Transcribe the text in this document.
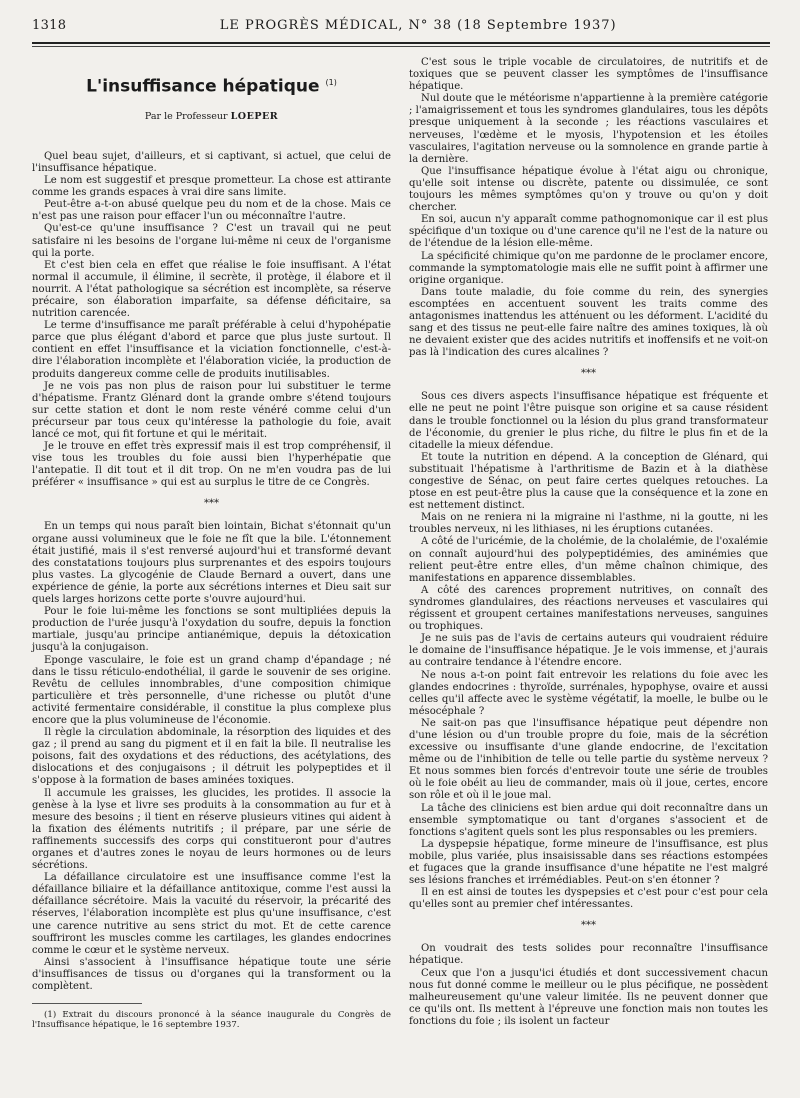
1318	LE PROGRÈS MÉDICAL, N° 38 (18 Septembre 1937)
L'insuffisance hépatique $^{(1)}$
Par le Professeur LOEPER

Quel beau sujet, d'ailleurs, et si captivant, si actuel, que celui de l'insuffisance hépatique.

Le nom est suggestif et presque prometteur. La chose est attirante comme les grands espaces à vrai dire sans limite.

Peut-être a-t-on abusé quelque peu du nom et de la chose. Mais ce n'est pas une raison pour effacer l'un ou méconnaître l'autre.

Qu'est-ce qu'une insuffisance ? C'est un travail qui ne peut satisfaire ni les besoins de l'organe lui-même ni ceux de l'organisme qui la porte.

Et c'est bien cela en effet que réalise le foie insuffisant. A l'état normal il accumule, il élimine, il secrète, il protège, il élabore et il nourrit. A l'état pathologique sa sécrétion est incomplète, sa réserve précaire, son élaboration imparfaite, sa défense déficitaire, sa nutrition carencée.

Le terme d'insuffisance me paraît préférable à celui d'hypohépatie parce que plus élégant d'abord et parce que plus juste surtout. Il contient en effet l'insuffisance et la viciation fonctionnelle, c'est-à-dire l'élaboration incomplète et l'élaboration viciée, la production de produits dangereux comme celle de produits inutilisables.

Je ne vois pas non plus de raison pour lui substituer le terme d'hépatisme. Frantz Glénard dont la grande ombre s'étend toujours sur cette station et dont le nom reste vénéré comme celui d'un précurseur par tous ceux qu'intéresse la pathologie du foie, avait lancé ce mot, qui fit fortune et qui le méritait.

Je le trouve en effet très expressif mais il est trop compréhensif, il vise tous les troubles du foie aussi bien l'hyperhépatie que l'antepatie. Il dit tout et il dit trop. On ne m'en voudra pas de lui préférer « insuffisance » qui est au surplus le titre de ce Congrès.

***

En un temps qui nous paraît bien lointain, Bichat s'étonnait qu'un organe aussi volumineux que le foie ne fît que la bile. L'étonnement était justifié, mais il s'est renversé aujourd'hui et transformé devant des constatations toujours plus surprenantes et des espoirs toujours plus vastes. La glycogénie de Claude Bernard a ouvert, dans une expérience de génie, la porte aux sécrétions internes et Dieu sait sur quels larges horizons cette porte s'ouvre aujourd'hui.

Pour le foie lui-même les fonctions se sont multipliées depuis la production de l'urée jusqu'à l'oxydation du soufre, depuis la fonction martiale, jusqu'au principe antianémique, depuis la détoxication jusqu'à la conjugaison.

Eponge vasculaire, le foie est un grand champ d'épandage ; né dans le tissu réticulo-endothélial, il garde le souvenir de ses origine. Revêtu de cellules innombrables, d'une composition chimique particulière et très personnelle, d'une richesse ou plutôt d'une activité fermentaire considérable, il constitue la plus complexe plus encore que la plus volumineuse de l'économie.

Il règle la circulation abdominale, la résorption des liquides et des gaz ; il prend au sang du pigment et il en fait la bile. Il neutralise les poisons, fait des oxydations et des réductions, des acétylations, des dislocations et des conjugaisons ; il détruit les polypeptides et il s'oppose à la formation de bases aminées toxiques.

Il accumule les graisses, les glucides, les protides. Il associe la genèse à la lyse et livre ses produits à la consommation au fur et à mesure des besoins ; il tient en réserve plusieurs vitines qui aident à la fixation des éléments nutritifs ; il prépare, par une série de raffinements successifs des corps qui constitueront pour d'autres organes et d'autres zones le noyau de leurs hormones ou de leurs sécrétions.

La défaillance circulatoire est une insuffisance comme l'est la défaillance biliaire et la défaillance antitoxique, comme l'est aussi la défaillance sécrétoire. Mais la vacuité du réservoir, la précarité des réserves, l'élaboration incomplète est plus qu'une insuffisance, c'est une carence nutritive au sens strict du mot. Et de cette carence souffriront les muscles comme les cartilages, les glandes endocrines comme le cœur et le système nerveux.

Ainsi s'associent à l'insuffisance hépatique toute une série d'insuffisances de tissus ou d'organes qui la transforment ou la complètent.

(1) Extrait du discours prononcé à la séance inaugurale du Congrès de l'Insuffisance hépatique, le 16 septembre 1937.

C'est sous le triple vocable de circulatoires, de nutritifs et de toxiques que se peuvent classer les symptômes de l'insuffisance hépatique.

Nul doute que le météorisme n'appartienne à la première catégorie ; l'amaigrissement et tous les syndromes glandulaires, tous les dépôts presque uniquement à la seconde ; les réactions vasculaires et nerveuses, l'œdème et le myosis, l'hypotension et les étoiles vasculaires, l'agitation nerveuse ou la somnolence en grande partie à la dernière.

Que l'insuffisance hépatique évolue à l'état aigu ou chronique, qu'elle soit intense ou discrète, patente ou dissimulée, ce sont toujours les mêmes symptômes qu'on y trouve ou qu'on y doit chercher.

En soi, aucun n'y apparaît comme pathognomonique car il est plus spécifique d'un toxique ou d'une carence qu'il ne l'est de la nature ou de l'étendue de la lésion elle-même.

La spécificité chimique qu'on me pardonne de le proclamer encore, commande la symptomatologie mais elle ne suffit point à affirmer une origine organique.

Dans toute maladie, du foie comme du rein, des synergies escomptées en accentuent souvent les traits comme des antagonismes inattendus les atténuent ou les déforment. L'acidité du sang et des tissus ne peut-elle faire naître des amines toxiques, là où ne devaient exister que des acides nutritifs et inoffensifs et ne voit-on pas là l'indication des cures alcalines ?

***

Sous ces divers aspects l'insuffisance hépatique est fréquente et elle ne peut ne point l'être puisque son origine et sa cause résident dans le trouble fonctionnel ou la lésion du plus grand transformateur de l'économie, du grenier le plus riche, du filtre le plus fin et de la citadelle la mieux défendue.

Et toute la nutrition en dépend. A la conception de Glénard, qui substituait l'hépatisme à l'arthritisme de Bazin et à la diathèse congestive de Sénac, on peut faire certes quelques retouches. La ptose en est peut-être plus la cause que la conséquence et la zone en est nettement distinct.

Mais on ne reniera ni la migraine ni l'asthme, ni la goutte, ni les troubles nerveux, ni les lithiases, ni les éruptions cutanées.

A côté de l'uricémie, de la cholémie, de la cholalémie, de l'oxalémie on connaît aujourd'hui des polypeptidémies, des aminémies que relient peut-être entre elles, d'un même chaînon chimique, des manifestations en apparence dissemblables.

A côté des carences proprement nutritives, on connaît des syndromes glandulaires, des réactions nerveuses et vasculaires qui régissent et groupent certaines manifestations nerveuses, sanguines ou trophiques.

Je ne suis pas de l'avis de certains auteurs qui voudraient réduire le domaine de l'insuffisance hépatique. Je le vois immense, et j'aurais au contraire tendance à l'étendre encore.

Ne nous a-t-on point fait entrevoir les relations du foie avec les glandes endocrines : thyroïde, surrénales, hypophyse, ovaire et aussi celles qu'il affecte avec le système végétatif, la moelle, le bulbe ou le mésocéphale ?

Ne sait-on pas que l'insuffisance hépatique peut dépendre non d'une lésion ou d'un trouble propre du foie, mais de la sécrétion excessive ou insuffisante d'une glande endocrine, de l'excitation même ou de l'inhibition de telle ou telle partie du système nerveux ? Et nous sommes bien forcés d'entrevoir toute une série de troubles où le foie obéit au lieu de commander, mais où il joue, certes, encore son rôle et où il le joue mal.

La tâche des cliniciens est bien ardue qui doit reconnaître dans un ensemble symptomatique ou tant d'organes s'associent et de fonctions s'agitent quels sont les plus responsables ou les premiers.

La dyspepsie hépatique, forme mineure de l'insuffisance, est plus mobile, plus variée, plus insaisissable dans ses réactions estompées et fugaces que la grande insuffisance d'une hépatite ne l'est malgré ses lésions franches et irrémédiables. Peut-on s'en étonner ?

Il en est ainsi de toutes les dyspepsies et c'est pour c'est pour cela qu'elles sont au premier chef intéressantes.

***

On voudrait des tests solides pour reconnaître l'insuffisance hépatique.

Ceux que l'on a jusqu'ici étudiés et dont successivement chacun nous fut donné comme le meilleur ou le plus pécifique, ne possèdent malheureusement qu'une valeur limitée. Ils ne peuvent donner que ce qu'ils ont. Ils mettent à l'épreuve une fonction mais non toutes les fonctions du foie ; ils isolent un facteur
